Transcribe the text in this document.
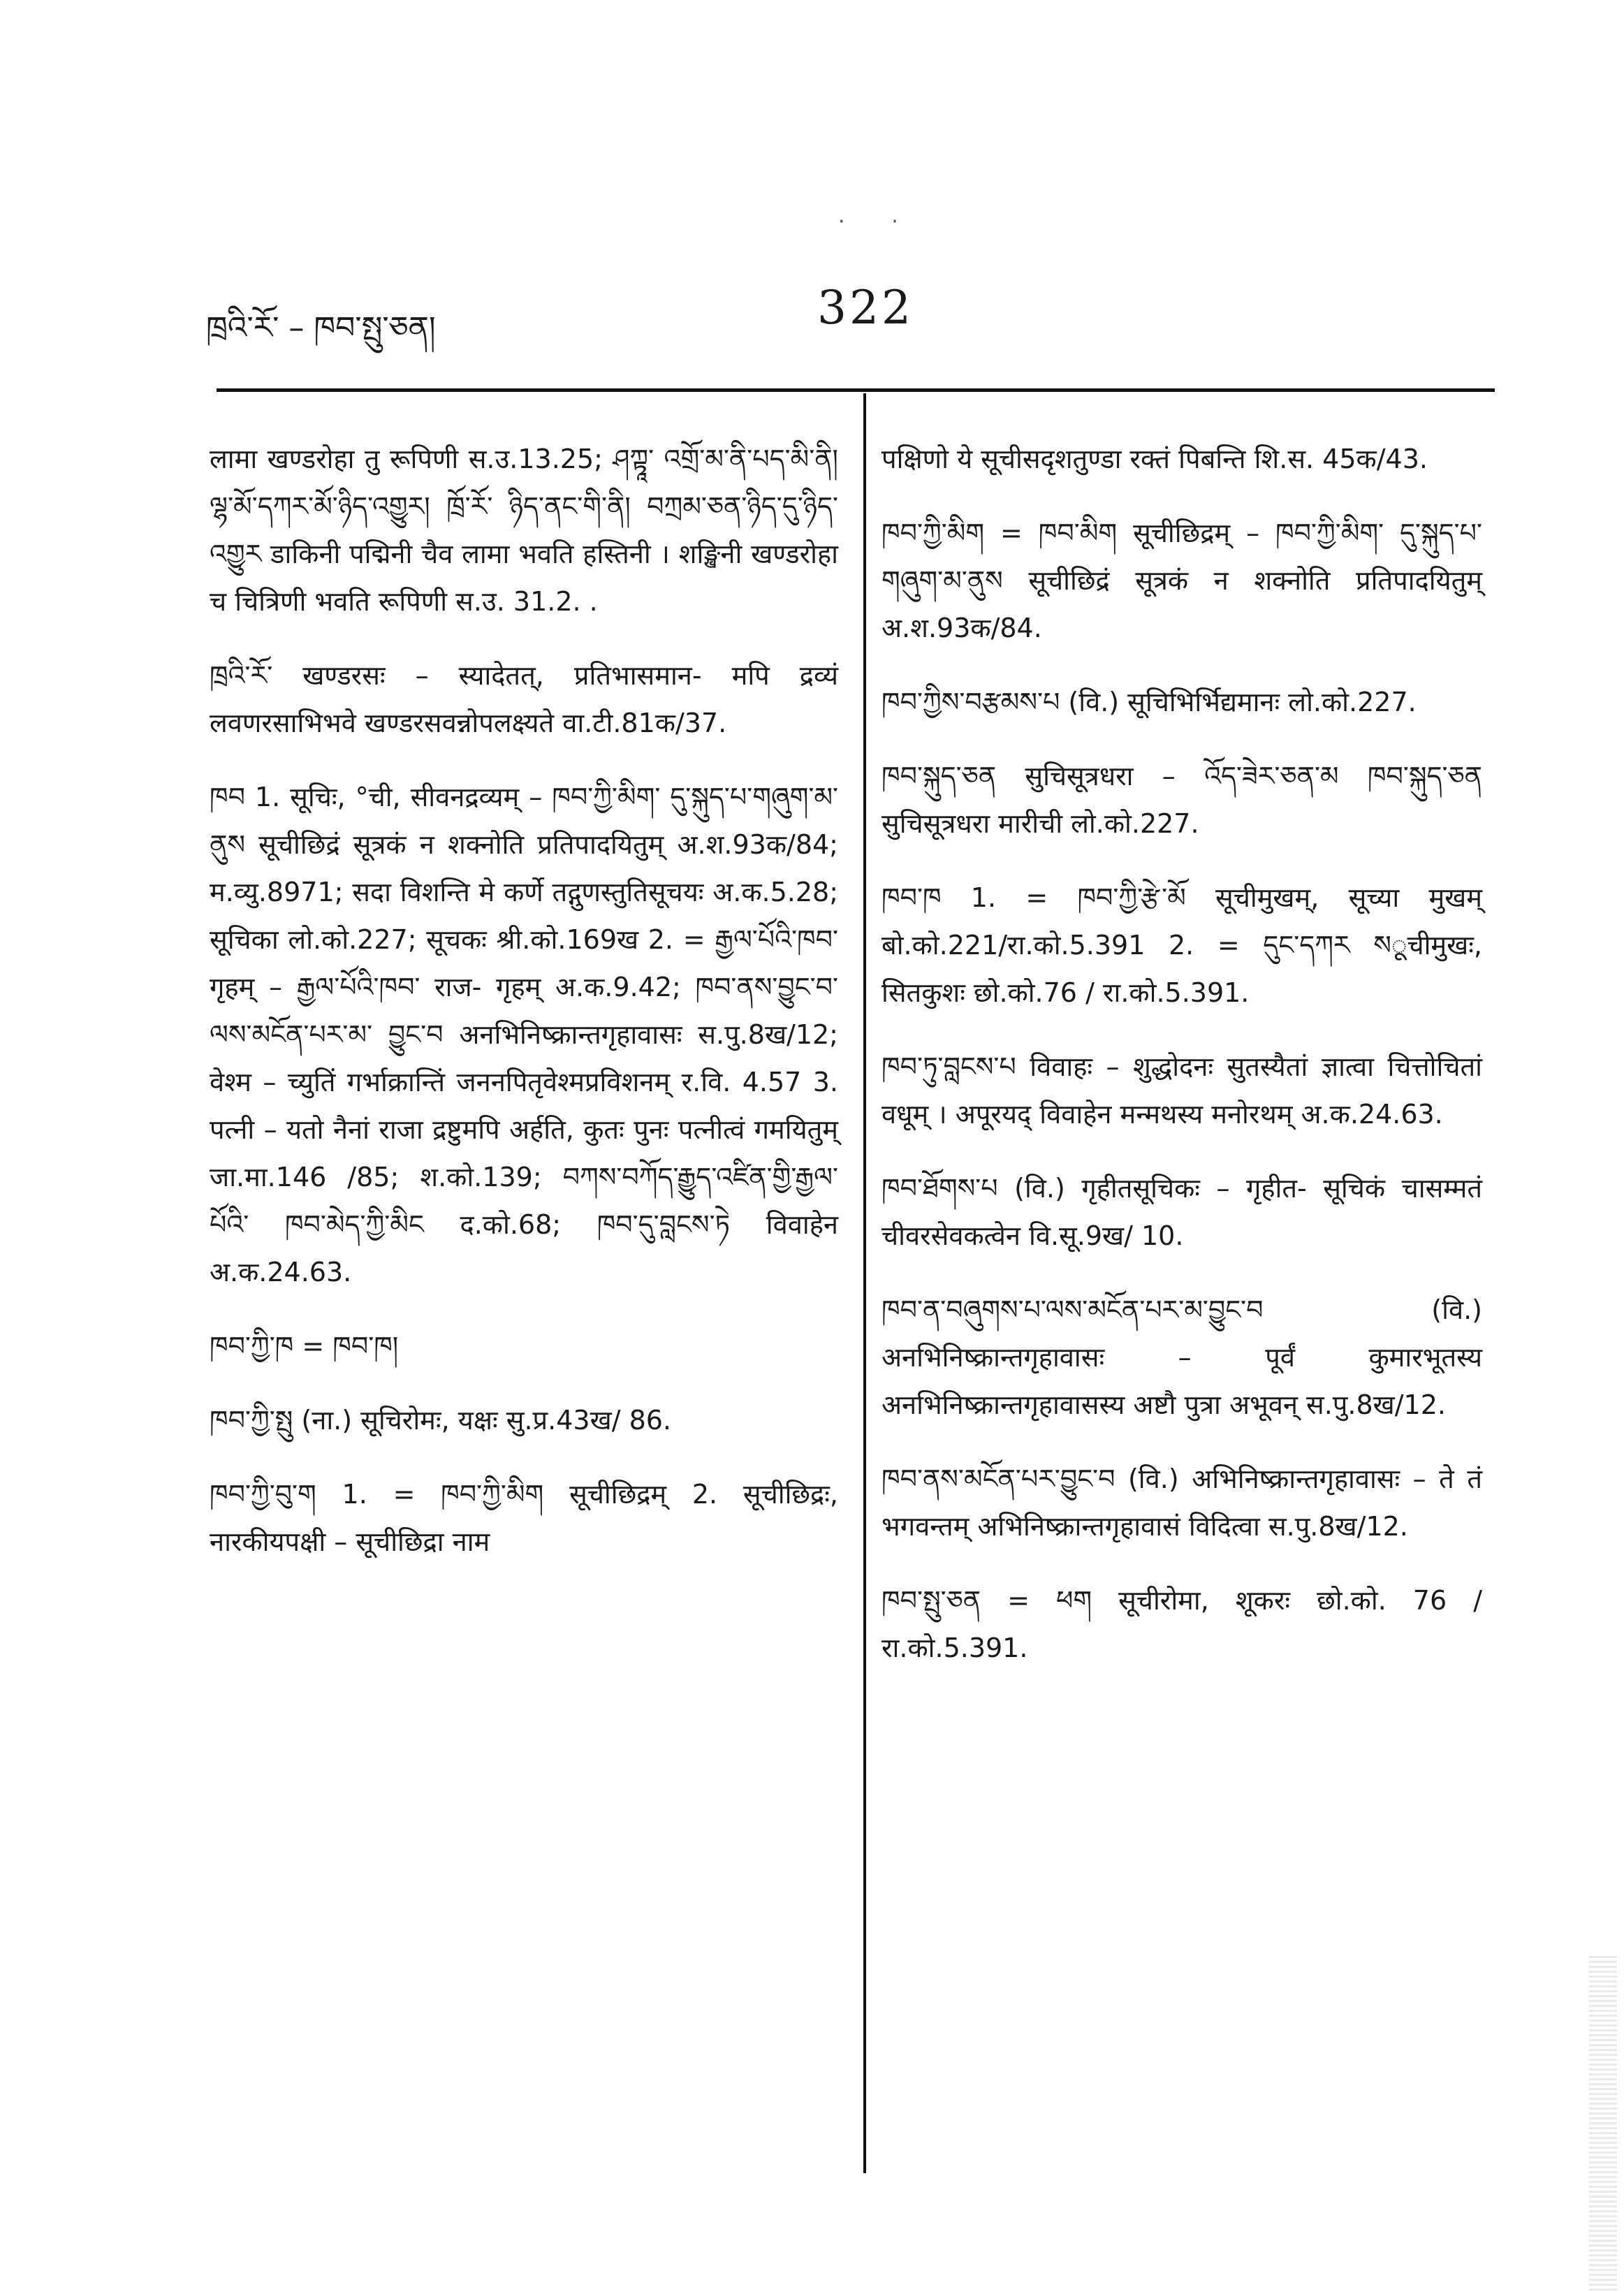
·       ·
ཁྲའི་རོ་ – ཁབ་སྤུ་ཅན།	322

लामा खण्डरोहा तु रूपिणी स.उ.13.25; ཤཀྟཱ་ འགྲོ་མ་ནི་པད་མི་ནི། ལྷ་མོ་དཀར་མོ་ཉིད་འགྱུར། ཁྲོ་རོ་ ཉིད་ནང་གི་ནི། བཀྲམ་ཅན་ཉིད་དུ་ཉིད་འགྱུར डाकिनी पद्मिनी चैव लामा भवति हस्तिनी । शङ्खिनी खण्डरोहा च चित्रिणी भवति रूपिणी स.उ. 31.2. .

ཁྲའི་རོ་ खण्डरसः – स्यादेतत्, प्रतिभासमान- मपि द्रव्यं लवणरसाभिभवे खण्डरसवन्नोपलक्ष्यते वा.टी.81क/37.

ཁབ 1. सूचिः, °ची, सीवनद्रव्यम् – ཁབ་ཀྱི་མིག་ དུ་སྐུད་པ་གཞུག་མ་ནུས सूचीछिद्रं सूत्रकं न शक्नोति प्रतिपादयितुम् अ.श.93क/84; म.व्यु.8971; सदा विशन्ति मे कर्णे तद्गुणस्तुतिसूचयः अ.क.5.28; सूचिका लो.को.227; सूचकः श्री.को.169ख 2. = རྒྱལ་པོའི་ཁབ་ गृहम् – རྒྱལ་པོའི་ཁབ་ राज- गृहम् अ.क.9.42; ཁབ་ནས་བྱུང་བ་ལས་མངོན་པར་མ་ བྱུང་བ अनभिनिष्क्रान्तगृहावासः स.पु.8ख/12; वेश्म – च्युतिं गर्भाक्रान्तिं जननपितृवेश्मप्रविशनम् र.वि. 4.57 3. पत्नी – यतो नैनां राजा द्रष्टुमपि अर्हति, कुतः पुनः पत्नीत्वं गमयितुम् जा.मा.146 /85; श.को.139; བཀས་བཀོད་རྒྱུད་འཛིན་གྱི་རྒྱལ་པོའི་ ཁབ་མེད་ཀྱི་མིང द.को.68; ཁབ་དུ་བླངས་ཏེ विवाहेन अ.क.24.63.

ཁབ་ཀྱི་ཁ = ཁབ་ཁ།

ཁབ་ཀྱི་སྤུ (ना.) सूचिरोमः, यक्षः सु.प्र.43ख/ 86.

ཁབ་ཀྱི་བུ་ག 1. = ཁབ་ཀྱི་མིག सूचीछिद्रम् 2. सूचीछिद्रः, नारकीयपक्षी – सूचीछिद्रा नाम

पक्षिणो ये सूचीसदृशतुण्डा रक्तं पिबन्ति शि.स. 45क/43.

ཁབ་ཀྱི་མིག = ཁབ་མིག सूचीछिद्रम् – ཁབ་ཀྱི་མིག་ དུ་སྐུད་པ་གཞུག་མ་ནུས सूचीछिद्रं सूत्रकं न शक्नोति प्रतिपादयितुम् अ.श.93क/84.

ཁབ་ཀྱིས་བརྩམས་པ (वि.) सूचिभिर्भिद्यमानः लो.को.227.

ཁབ་སྐུད་ཅན सुचिसूत्रधरा – འོད་ཟེར་ཅན་མ ཁབ་སྐུད་ཅན सुचिसूत्रधरा मारीची लो.को.227.

ཁབ་ཁ 1. = ཁབ་ཀྱི་རྩེ་མོ सूचीमुखम्, सूच्या मुखम् बो.को.221/रा.को.5.391 2. = དུང་དཀར སूचीमुखः, सितकुशः छो.को.76 / रा.को.5.391.

ཁབ་ཏུ་བླངས་པ विवाहः – शुद्धोदनः सुतस्यैतां ज्ञात्वा चित्तोचितां वधूम् । अपूरयद् विवाहेन मन्मथस्य मनोरथम् अ.क.24.63.

ཁབ་ཐོགས་པ (वि.) गृहीतसूचिकः – गृहीत- सूचिकं चासम्मतं चीवरसेवकत्वेन वि.सू.9ख/ 10.

ཁབ་ན་བཞུགས་པ་ལས་མངོན་པར་མ་བྱུང་བ (वि.) अनभिनिष्क्रान्तगृहावासः – पूर्वं कुमारभूतस्य अनभिनिष्क्रान्तगृहावासस्य अष्टौ पुत्रा अभूवन् स.पु.8ख/12.

ཁབ་ནས་མངོན་པར་བྱུང་བ (वि.) अभिनिष्क्रान्तगृहावासः – ते तं भगवन्तम् अभिनिष्क्रान्तगृहावासं विदित्वा स.पु.8ख/12.

ཁབ་སྤུ་ཅན = ཕག सूचीरोमा, शूकरः छो.को. 76 / रा.को.5.391.
